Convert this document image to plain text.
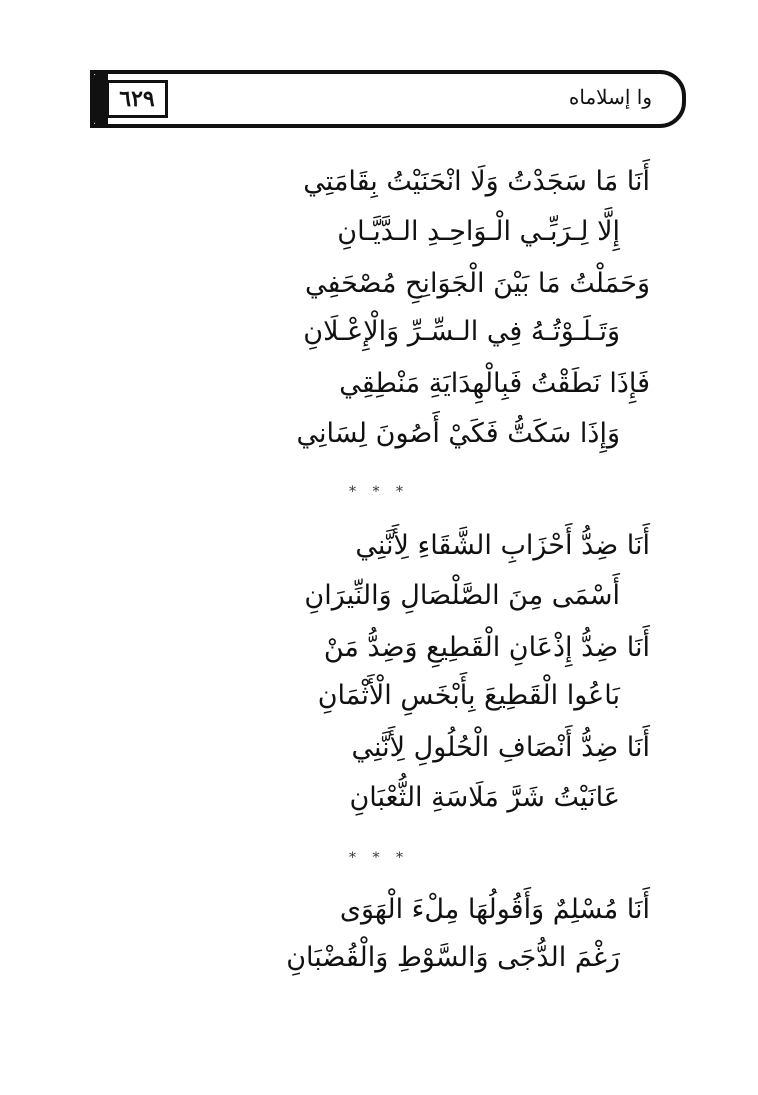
٦٢٩	وا إسلاماه
أَنَا مَا سَجَدْتُ وَلَا انْحَنَيْتُ بِقَامَتِي
إِلَّا لِـرَبِّـي الْـوَاحِـدِ الـدَّيَّـانِ
وَحَمَلْتُ مَا بَيْنَ الْجَوَانِحِ مُصْحَفِي
وَتَـلَـوْتُـهُ فِي الـسِّـرِّ وَالْإِعْـلَانِ
فَإِذَا نَطَقْتُ فَبِالْهِدَايَةِ مَنْطِقِي
وَإِذَا سَكَتُّ فَكَيْ أَصُونَ لِسَانِي
* * *
أَنَا ضِدُّ أَحْزَابِ الشَّقَاءِ لِأَنَّنِي
أَسْمَى مِنَ الصَّلْصَالِ وَالنِّيرَانِ
أَنَا ضِدُّ إِذْعَانِ الْقَطِيعِ وَضِدُّ مَنْ
بَاعُوا الْقَطِيعَ بِأَبْخَسِ الْأَثْمَانِ
أَنَا ضِدُّ أَنْصَافِ الْحُلُولِ لِأَنَّنِي
عَانَيْتُ شَرَّ مَلَاسَةِ الثُّعْبَانِ
* * *
أَنَا مُسْلِمٌ وَأَقُولُهَا مِلْءَ الْهَوَى
رَغْمَ الدُّجَى وَالسَّوْطِ وَالْقُضْبَانِ
